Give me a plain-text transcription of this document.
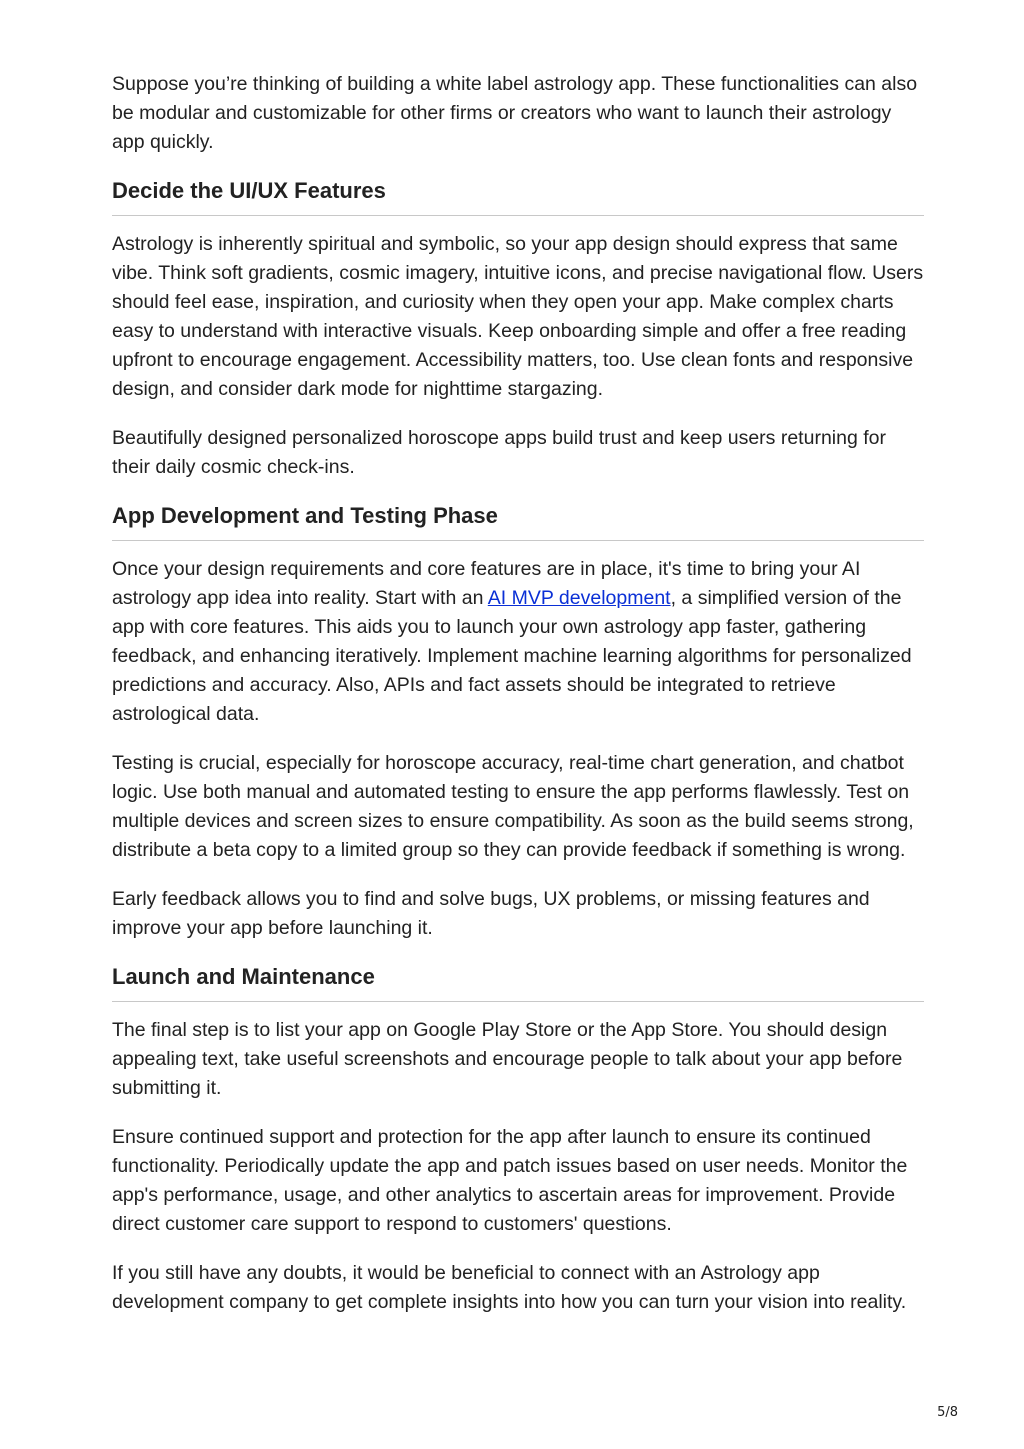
Suppose you’re thinking of building a white label astrology app. These functionalities can also be modular and customizable for other firms or creators who want to launch their astrology app quickly.

Decide the UI/UX Features

Astrology is inherently spiritual and symbolic, so your app design should express that same vibe. Think soft gradients, cosmic imagery, intuitive icons, and precise navigational flow. Users should feel ease, inspiration, and curiosity when they open your app. Make complex charts easy to understand with interactive visuals. Keep onboarding simple and offer a free reading upfront to encourage engagement. Accessibility matters, too. Use clean fonts and responsive design, and consider dark mode for nighttime stargazing.

Beautifully designed personalized horoscope apps build trust and keep users returning for their daily cosmic check-ins.

App Development and Testing Phase

Once your design requirements and core features are in place, it's time to bring your AI astrology app idea into reality. Start with an AI MVP development, a simplified version of the app with core features. This aids you to launch your own astrology app faster, gathering feedback, and enhancing iteratively. Implement machine learning algorithms for personalized predictions and accuracy. Also, APIs and fact assets should be integrated to retrieve astrological data.

Testing is crucial, especially for horoscope accuracy, real-time chart generation, and chatbot logic. Use both manual and automated testing to ensure the app performs flawlessly. Test on multiple devices and screen sizes to ensure compatibility. As soon as the build seems strong, distribute a beta copy to a limited group so they can provide feedback if something is wrong.

Early feedback allows you to find and solve bugs, UX problems, or missing features and improve your app before launching it.

Launch and Maintenance

The final step is to list your app on Google Play Store or the App Store. You should design appealing text, take useful screenshots and encourage people to talk about your app before submitting it.

Ensure continued support and protection for the app after launch to ensure its continued functionality. Periodically update the app and patch issues based on user needs. Monitor the app's performance, usage, and other analytics to ascertain areas for improvement. Provide direct customer care support to respond to customers' questions.

If you still have any doubts, it would be beneficial to connect with an Astrology app development company to get complete insights into how you can turn your vision into reality.

5/8
